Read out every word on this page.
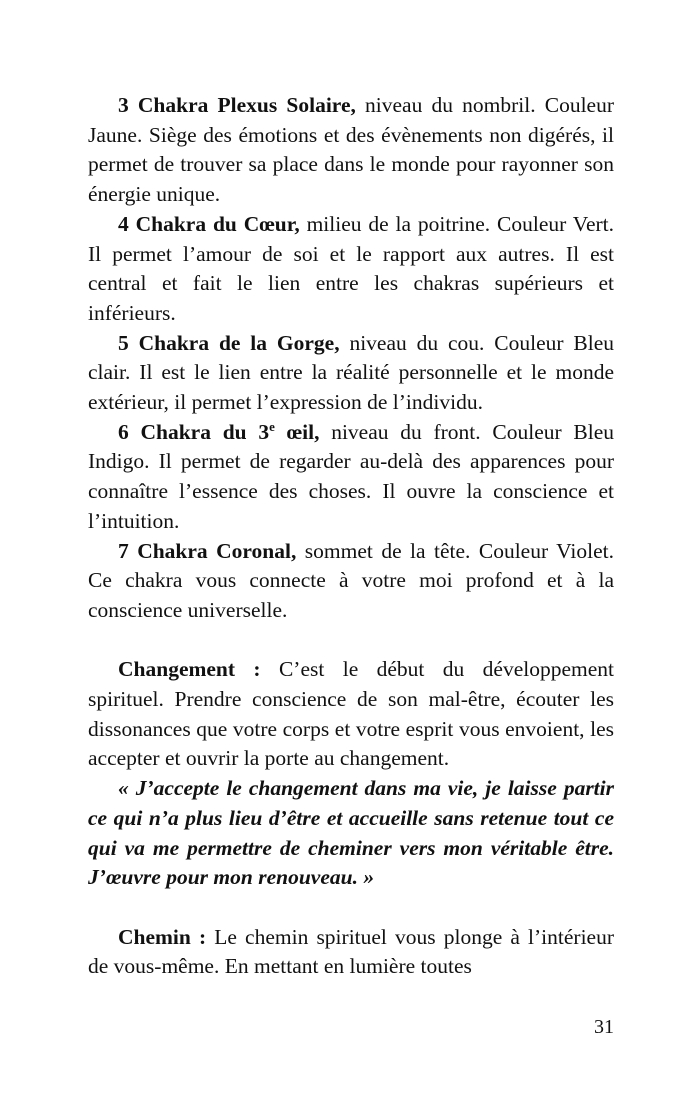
3 Chakra Plexus Solaire, niveau du nombril. Couleur Jaune. Siège des émotions et des évènements non digérés, il permet de trouver sa place dans le monde pour rayonner son énergie unique.

4 Chakra du Cœur, milieu de la poitrine. Couleur Vert. Il permet l’amour de soi et le rapport aux autres. Il est central et fait le lien entre les chakras supérieurs et inférieurs.

5 Chakra de la Gorge, niveau du cou. Couleur Bleu clair. Il est le lien entre la réalité personnelle et le monde extérieur, il permet l’expression de l’individu.

6 Chakra du 3e œil, niveau du front. Couleur Bleu Indigo. Il permet de regarder au-delà des apparences pour connaître l’essence des choses. Il ouvre la conscience et l’intuition.

7 Chakra Coronal, sommet de la tête. Couleur Violet. Ce chakra vous connecte à votre moi profond et à la conscience universelle.

Changement : C’est le début du développement spirituel. Prendre conscience de son mal-être, écouter les dissonances que votre corps et votre esprit vous envoient, les accepter et ouvrir la porte au changement.

« J’accepte le changement dans ma vie, je laisse partir ce qui n’a plus lieu d’être et accueille sans retenue tout ce qui va me permettre de cheminer vers mon véritable être. J’œuvre pour mon renouveau. »

Chemin : Le chemin spirituel vous plonge à l’intérieur de vous-même. En mettant en lumière toutes

31
